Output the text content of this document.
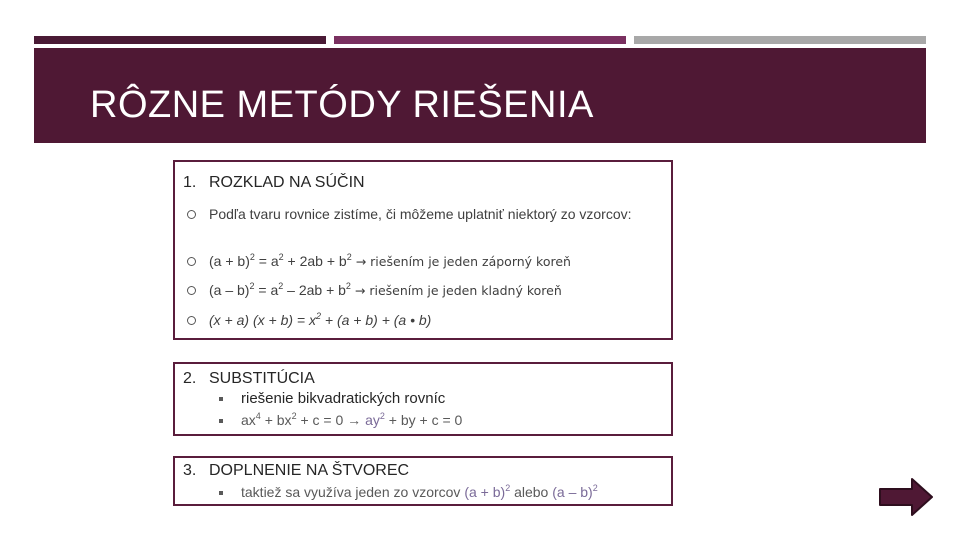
RÔZNE METÓDY RIEŠENIA
1. ROZKLAD NA SÚČIN
Podľa tvaru rovnice zistíme, či môžeme uplatniť niektorý zo vzorcov:
$(a + b)^2 = a^2 + 2ab + b^2$ → riešením je jeden záporný koreň
$(a - b)^2 = a^2 - 2ab + b^2$ → riešením je jeden kladný koreň
(x + a) $(x + b) = x^2 + (a + b) + (a$ • b)
2. SUBSTITÚCIA
riešenie bikvadratických rovníc
$ax^4 + bx^2 + c = 0 \to ay^2$ + by + c = 0
3. DOPLNENIE NA ŠTVOREC
taktiež sa využíva jeden zo vzorcov $(a + b)^2$ alebo (a – b)$^2$
